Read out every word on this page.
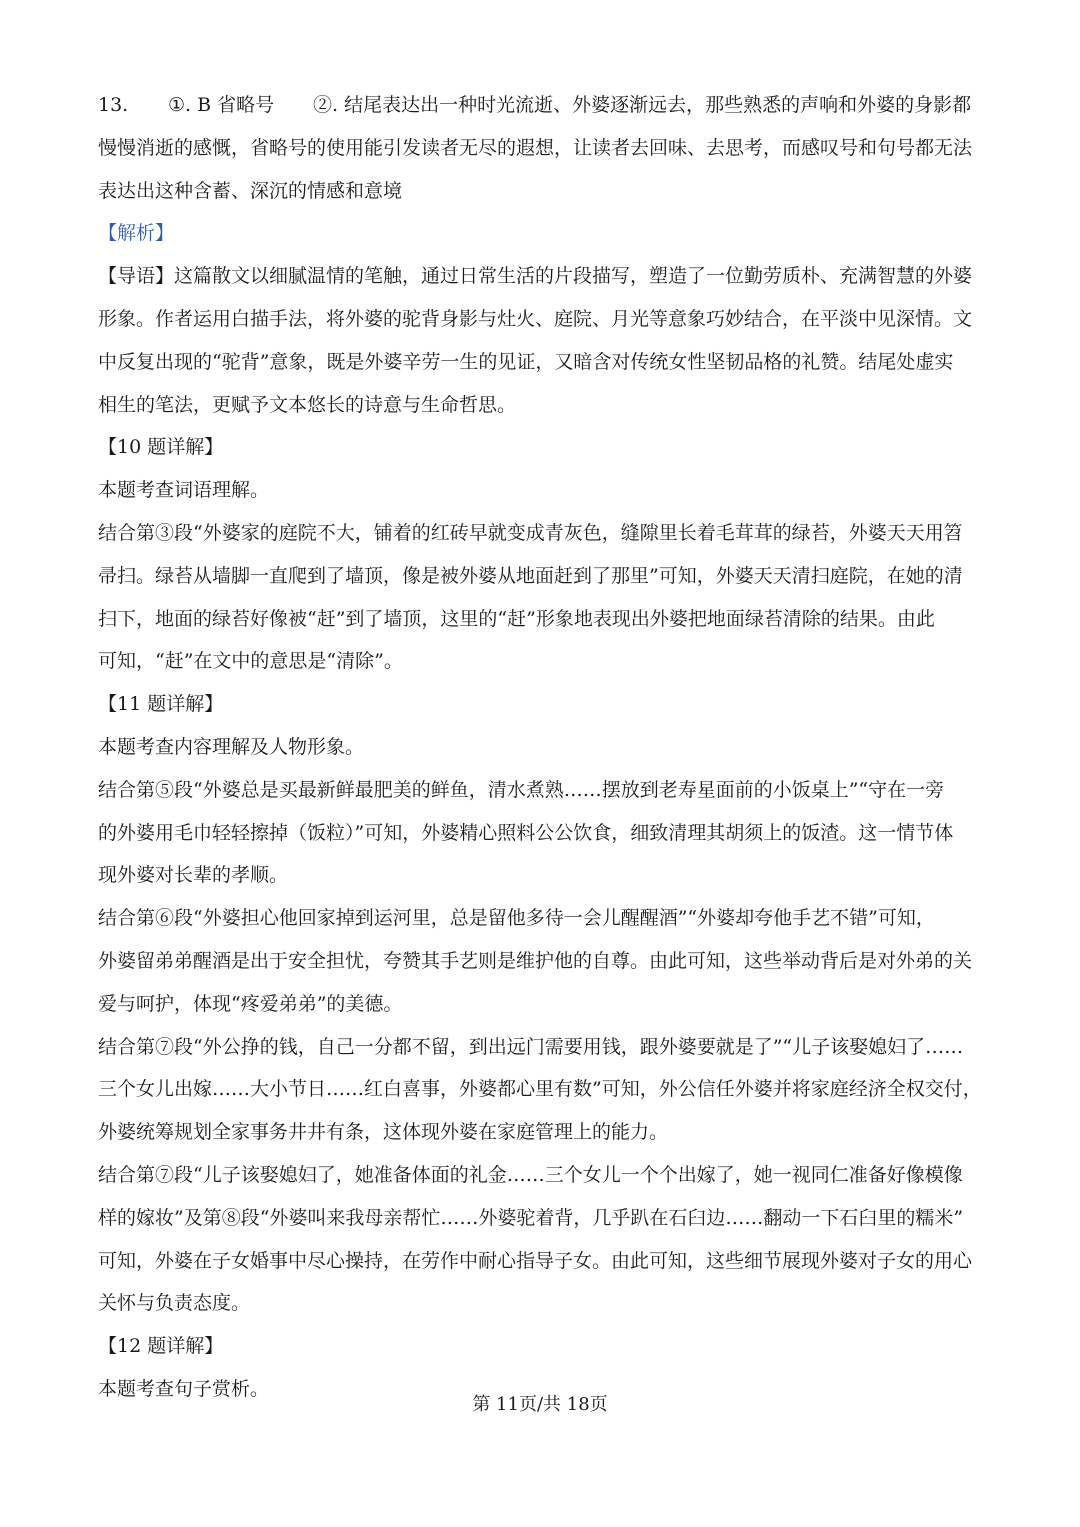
13. ①. B 省略号 ②. 结尾表达出一种时光流逝、外婆逐渐远去，那些熟悉的声响和外婆的身影都
慢慢消逝的感慨，省略号的使用能引发读者无尽的遐想，让读者去回味、去思考，而感叹号和句号都无法
表达出这种含蓄、深沉的情感和意境
【解析】
【导语】这篇散文以细腻温情的笔触，通过日常生活的片段描写，塑造了一位勤劳质朴、充满智慧的外婆
形象。作者运用白描手法，将外婆的驼背身影与灶火、庭院、月光等意象巧妙结合，在平淡中见深情。文
中反复出现的“驼背”意象，既是外婆辛劳一生的见证，又暗含对传统女性坚韧品格的礼赞。结尾处虚实
相生的笔法，更赋予文本悠长的诗意与生命哲思。
【10 题详解】
本题考查词语理解。
结合第③段“外婆家的庭院不大，铺着的红砖早就变成青灰色，缝隙里长着毛茸茸的绿苔，外婆天天用笤
帚扫。绿苔从墙脚一直爬到了墙顶，像是被外婆从地面赶到了那里”可知，外婆天天清扫庭院，在她的清
扫下，地面的绿苔好像被“赶”到了墙顶，这里的“赶”形象地表现出外婆把地面绿苔清除的结果。由此
可知，“赶”在文中的意思是“清除”。
【11 题详解】
本题考查内容理解及人物形象。
结合第⑤段“外婆总是买最新鲜最肥美的鲜鱼，清水煮熟……摆放到老寿星面前的小饭桌上”“守在一旁
的外婆用毛巾轻轻擦掉（饭粒）”可知，外婆精心照料公公饮食，细致清理其胡须上的饭渣。这一情节体
现外婆对长辈的孝顺。
结合第⑥段“外婆担心他回家掉到运河里，总是留他多待一会儿醒醒酒”“外婆却夸他手艺不错”可知，
外婆留弟弟醒酒是出于安全担忧，夸赞其手艺则是维护他的自尊。由此可知，这些举动背后是对外弟的关
爱与呵护，体现“疼爱弟弟”的美德。
结合第⑦段“外公挣的钱，自己一分都不留，到出远门需要用钱，跟外婆要就是了”“儿子该娶媳妇了……
三个女儿出嫁……大小节日……红白喜事，外婆都心里有数”可知，外公信任外婆并将家庭经济全权交付，
外婆统筹规划全家事务井井有条，这体现外婆在家庭管理上的能力。
结合第⑦段“儿子该娶媳妇了，她准备体面的礼金……三个女儿一个个出嫁了，她一视同仁准备好像模像
样的嫁妆”及第⑧段“外婆叫来我母亲帮忙……外婆驼着背，几乎趴在石臼边……翻动一下石臼里的糯米”
可知，外婆在子女婚事中尽心操持，在劳作中耐心指导子女。由此可知，这些细节展现外婆对子女的用心
关怀与负责态度。
【12 题详解】
本题考查句子赏析。
第 11页/共 18页
